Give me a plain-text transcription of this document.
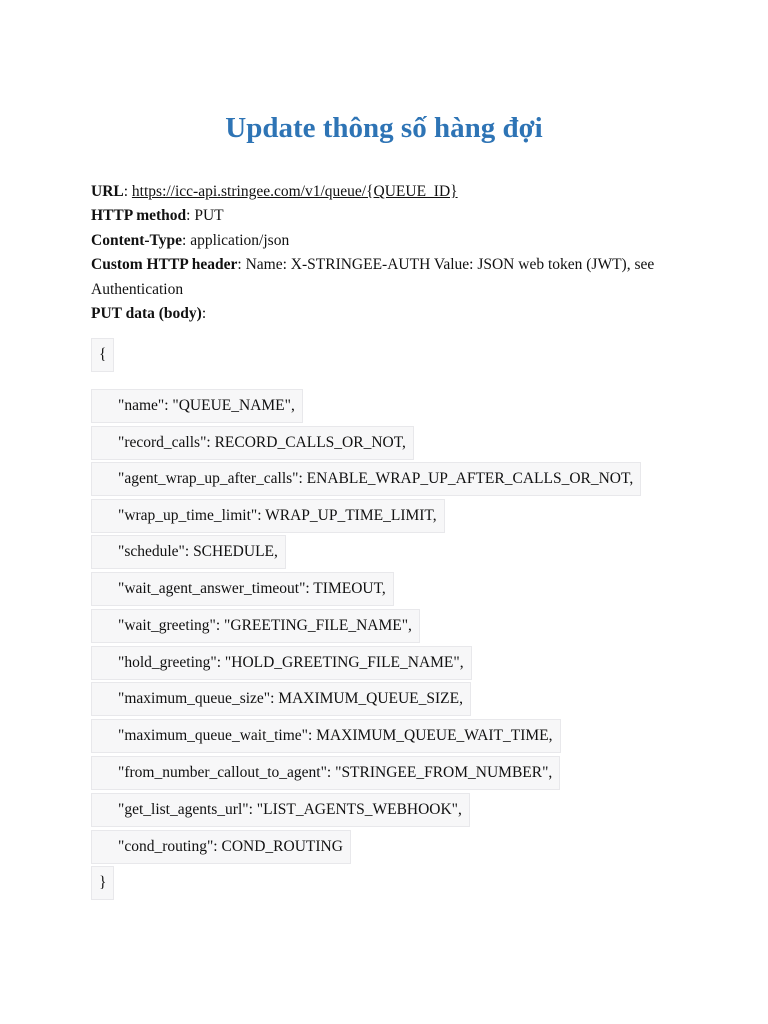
Update thông số hàng đợi
URL: https://icc-api.stringee.com/v1/queue/{QUEUE_ID}
HTTP method: PUT
Content-Type: application/json
Custom HTTP header: Name: X-STRINGEE-AUTH Value: JSON web token (JWT), see Authentication
PUT data (body):
{
"name": "QUEUE_NAME",
"record_calls": RECORD_CALLS_OR_NOT,
"agent_wrap_up_after_calls": ENABLE_WRAP_UP_AFTER_CALLS_OR_NOT,
"wrap_up_time_limit": WRAP_UP_TIME_LIMIT,
"schedule": SCHEDULE,
"wait_agent_answer_timeout": TIMEOUT,
"wait_greeting": "GREETING_FILE_NAME",
"hold_greeting": "HOLD_GREETING_FILE_NAME",
"maximum_queue_size": MAXIMUM_QUEUE_SIZE,
"maximum_queue_wait_time": MAXIMUM_QUEUE_WAIT_TIME,
"from_number_callout_to_agent": "STRINGEE_FROM_NUMBER",
"get_list_agents_url": "LIST_AGENTS_WEBHOOK",
"cond_routing": COND_ROUTING
}
